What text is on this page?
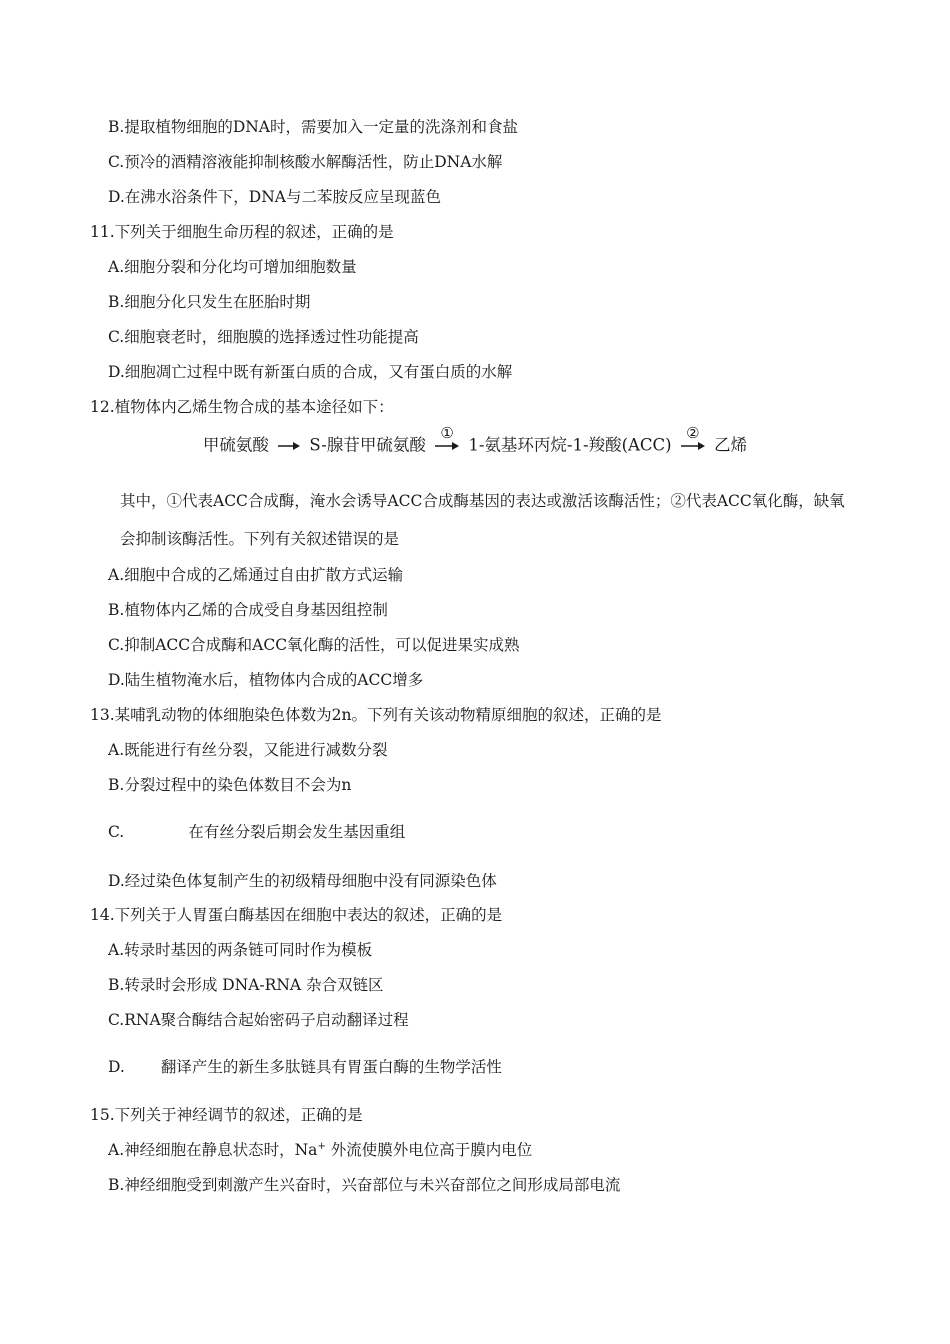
B.提取植物细胞的DNA时，需要加入一定量的洗涤剂和食盐
C.预冷的酒精溶液能抑制核酸水解酶活性，防止DNA水解
D.在沸水浴条件下，DNA与二苯胺反应呈现蓝色
11.下列关于细胞生命历程的叙述，正确的是
A.细胞分裂和分化均可增加细胞数量
B.细胞分化只发生在胚胎时期
C.细胞衰老时，细胞膜的选择透过性功能提高
D.细胞凋亡过程中既有新蛋白质的合成，又有蛋白质的水解
12.植物体内乙烯生物合成的基本途径如下：
甲硫氨酸 S-腺苷甲硫氨酸
①
1-氨基环丙烷-1-羧酸(ACC)
②
乙烯
其中，①代表ACC合成酶，淹水会诱导ACC合成酶基因的表达或激活该酶活性；②代表ACC氧化酶，缺氧
会抑制该酶活性。下列有关叙述错误的是
A.细胞中合成的乙烯通过自由扩散方式运输
B.植物体内乙烯的合成受自身基因组控制
C.抑制ACC合成酶和ACC氧化酶的活性，可以促进果实成熟
D.陆生植物淹水后，植物体内合成的ACC增多
13.某哺乳动物的体细胞染色体数为2n。下列有关该动物精原细胞的叙述，正确的是
A.既能进行有丝分裂，又能进行减数分裂
B.分裂过程中的染色体数目不会为n
C.	在有丝分裂后期会发生基因重组
D.经过染色体复制产生的初级精母细胞中没有同源染色体
14.下列关于人胃蛋白酶基因在细胞中表达的叙述，正确的是
A.转录时基因的两条链可同时作为模板
B.转录时会形成 DNA-RNA 杂合双链区
C.RNA聚合酶结合起始密码子启动翻译过程
D. 翻译产生的新生多肽链具有胃蛋白酶的生物学活性
15.下列关于神经调节的叙述，正确的是
A.神经细胞在静息状态时，Na+ 外流使膜外电位高于膜内电位
B.神经细胞受到刺激产生兴奋时，兴奋部位与未兴奋部位之间形成局部电流
